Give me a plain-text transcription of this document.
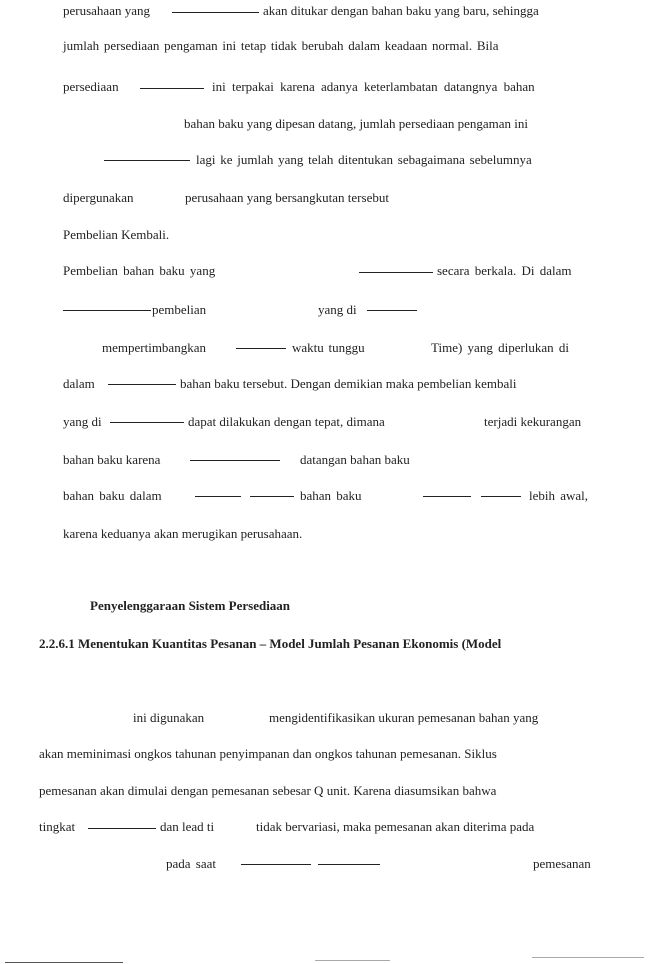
perusahaan yang	akan ditukar dengan bahan baku yang baru, sehingga
jumlah persediaan pengaman ini tetap tidak berubah dalam keadaan normal. Bila
persediaan	ini terpakai karena adanya keterlambatan datangnya bahan
bahan baku yang dipesan datang, jumlah persediaan pengaman ini
lagi ke jumlah yang telah ditentukan sebagaimana sebelumnya
dipergunakan	perusahaan yang bersangkutan tersebut
Pembelian Kembali.
Pembelian bahan baku yang	secara berkala. Di dalam
pembelian	yang di
mempertimbangkan	waktu tunggu	Time) yang diperlukan di
dalam	bahan baku tersebut. Dengan demikian maka pembelian kembali
yang di	dapat dilakukan dengan tepat, dimana	terjadi kekurangan
bahan baku karena	datangan bahan baku
bahan baku dalam	bahan baku	lebih awal,
karena keduanya akan merugikan perusahaan.
Penyelenggaraan Sistem Persediaan
2.2.6.1 Menentukan Kuantitas Pesanan – Model Jumlah Pesanan Ekonomis (Model
ini digunakan	mengidentifikasikan ukuran pemesanan bahan yang
akan meminimasi ongkos tahunan penyimpanan dan ongkos tahunan pemesanan. Siklus
pemesanan akan dimulai dengan pemesanan sebesar Q unit. Karena diasumsikan bahwa
tingkat	dan lead ti	tidak bervariasi, maka pemesanan akan diterima pada
pada saat	pemesanan
